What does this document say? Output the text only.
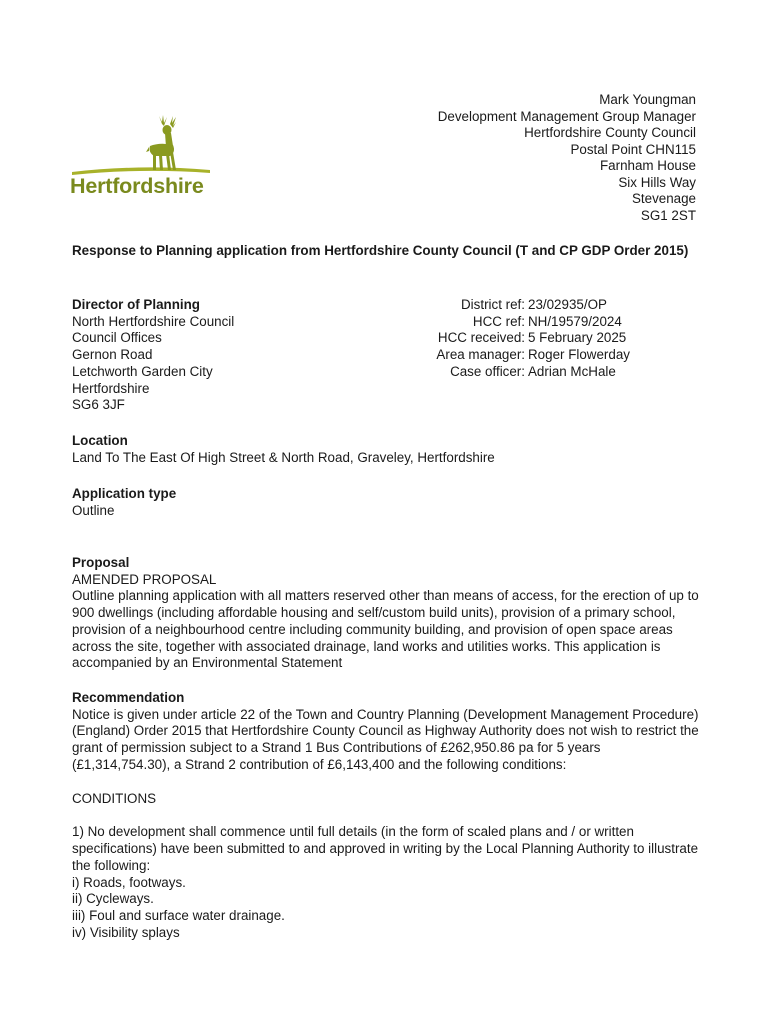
Hertfordshire
Mark Youngman
Development Management Group Manager
Hertfordshire County Council
Postal Point CHN115
Farnham House
Six Hills Way
Stevenage
SG1 2ST
Response to Planning application from Hertfordshire County Council (T and CP GDP Order 2015)
Director of Planning
North Hertfordshire Council
Council Offices
Gernon Road
Letchworth Garden City
Hertfordshire
SG6 3JF
District ref: 23/02935/OP
HCC ref: NH/19579/2024
HCC received: 5 February 2025
Area manager: Roger Flowerday
Case officer: Adrian McHale
Location

Land To The East Of High Street & North Road, Graveley, Hertfordshire

Application type

Outline

Proposal
AMENDED PROPOSAL

Outline planning application with all matters reserved other than means of access, for the erection of up to 900 dwellings (including affordable housing and self/custom build units), provision of a primary school, provision of a neighbourhood centre including community building, and provision of open space areas across the site, together with associated drainage, land works and utilities works. This application is accompanied by an Environmental Statement

Recommendation

Notice is given under article 22 of the Town and Country Planning (Development Management Procedure) (England) Order 2015 that Hertfordshire County Council as Highway Authority does not wish to restrict the grant of permission subject to a Strand 1 Bus Contributions of £262,950.86 pa for 5 years (£1,314,754.30), a Strand 2 contribution of £6,143,400 and the following conditions:

CONDITIONS

1) No development shall commence until full details (in the form of scaled plans and / or written specifications) have been submitted to and approved in writing by the Local Planning Authority to illustrate the following:

i) Roads, footways.
ii) Cycleways.
iii) Foul and surface water drainage.
iv) Visibility splays
